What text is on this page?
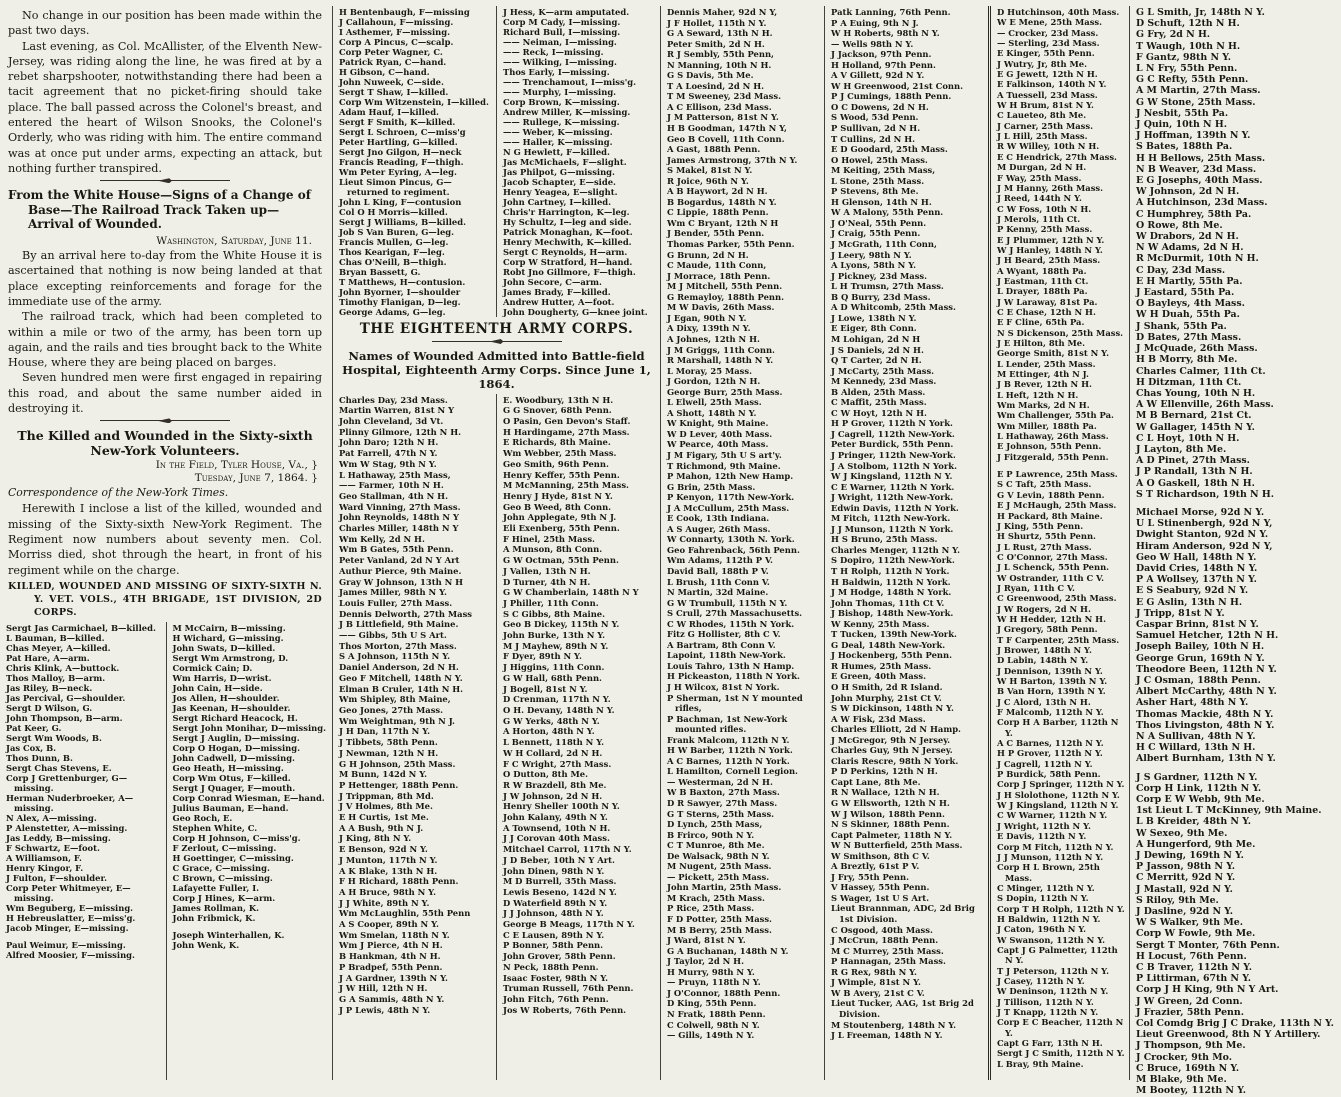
No change in our position has been made within the past two days.

Last evening, as Col. McAllister, of the Elventh New-Jersey, was riding along the line, he was fired at by a rebet sharpshooter, notwithstanding there had been a tacit agreement that no picket-firing should take place. The ball passed across the Colonel's breast, and entered the heart of Wilson Snooks, the Colonel's Orderly, who was riding with him. The entire command was at once put under arms, expecting an attack, but nothing further transpired.

From the White House—Signs of a Change of Base—The Railroad Track Taken up—Arrival of Wounded.
Washington, Saturday, June 11.

By an arrival here to-day from the White House it is ascertained that nothing is now being landed at that place excepting reinforcements and forage for the immediate use of the army.

The railroad track, which had been completed to within a mile or two of the army, has been torn up again, and the rails and ties brought back to the White House, where they are being placed on barges.

Seven hundred men were first engaged in repairing this road, and about the same number aided in destroying it.

The Killed and Wounded in the Sixty-sixth New-York Volunteers.
In the Field, Tyler House, Va., }
Tuesday, June 7, 1864. }
Correspondence of the New-York Times.

Herewith I inclose a list of the killed, wounded and missing of the Sixty-sixth New-York Regiment. The Regiment now numbers about seventy men. Col. Morriss died, shot through the heart, in front of his regiment while on the charge.

KILLED, WOUNDED AND MISSING OF SIXTY-SIXTH N. Y. VET. VOLS., 4TH BRIGADE, 1ST DIVISION, 2D CORPS.
Sergt Jas Carmichael, B—killed.
L Bauman, B—killed.
Chas Meyer, A—killed.
Pat Hare, A—arm.
Chris Klink, A—buttock.
Thos Malloy, B—arm.
Jas Riley, B—neck.
Jas Percival, G—shoulder.
Sergt D Wilson, G.
John Thompson, B—arm.
Pat Keer, G.
Sergt Wm Woods, B.
Jas Cox, B.
Thos Dunn, B.
Sergt Chas Stevens, E.
Corp J Grettenburger, G—missing.
Herman Nuderbroeker, A—missing.
N Alex, A—missing.
P Alenstetter, A—missing.
Jas Leddy, B—missing.
F Schwartz, E—foot.
A Williamson, F.
Henry Kingor, F.
J Fulton, F—shoulder.
Corp Peter Whitmeyer, E—missing.
Wm Beguberg, E—missing.
H Hebreuslatter, E—miss'g.
Jacob Minger, E—missing.
Paul Weimur, E—missing.
Alfred Moosier, F—missing.
M McCairn, B—missing.
H Wichard, G—missing.
John Swats, D—killed.
Sergt Wm Armstrong, D.
Cormick Cain; D.
Wm Harris, D—wrist.
John Cain, H—side.
Jos Allen, H—shoulder.
Jas Keenan, H—shoulder.
Sergt Richard Heacock, H.
Sergt John Monihar, D—missing.
Sergt J Auglin, D—missing.
Corp O Hogan, D—missing.
John Cadwell, D—missing.
Geo Heath, H—missing.
Corp Wm Otus, F—killed.
Sergt J Quager, F—mouth.
Corp Conrad Wiesman, E—hand.
Julius Bauman, E—hand.
Geo Roch, E.
Stephen White, C.
Corp H Johnson, C—miss'g.
F Zerlout, C—missing.
H Goettinger, C—missing.
C Grace, C—missing.
C Brown, C—missing.
Lafayette Fuller, I.
Corp J Hines, K—arm.
James Rollman, K.
John Fribmick, K.
Joseph Winterhallen, K.
John Wenk, K.
H Bentenbaugh, F—missing
J Callahoun, F—missing.
I Asthemer, F—missing.
Corp A Pincus, C—scalp.
Corp Peter Wagner, C.
Patrick Ryan, C—hand.
H Gibson, C—hand.
John Nuweek, C—side.
Sergt T Shaw, I—killed.
Corp Wm Witzenstein, I—killed.
Adam Hauf, I—killed.
Sergt F Smith, K—killed.
Sergt L Schroen, C—miss'g
Peter Hartling, G—killed.
Sergt Jno Gilgon, H—neck
Francis Reading, F—thigh.
Wm Peter Eyring, A—leg.
Lieut Simon Pincus, G—returned to regiment.
John L King, F—contusion
Col O H Morris—killed.
Sergt J Williams, B—killed.
Job S Van Buren, G—leg.
Francis Mullen, G—leg.
Thos Kearigan, F—leg.
Chas O'Neill, B—thigh.
Bryan Bassett, G.
T Matthews, H—contusion.
John Byorner, I—shoulder
Timothy Flanigan, D—leg.
George Adams, G—leg.
J Hess, K—arm amputated.
Corp M Cady, I—missing.
Richard Bull, I—missing.
—— Neiman, I—missing.
—— Reck, I—missing.
—— Wilking, I—missing.
Thos Early, I—missing.
—— Trenchamout, I—miss'g.
—— Murphy, I—missing.
Corp Brown, K—missing.
Andrew Miller, K—missing.
—— Rullege, K—missing.
—— Weber, K—missing.
—— Haller, K—missing.
N G Hewlett, F—killed.
Jas McMichaels, F—slight.
Jas Philpot, G—missing.
Jacob Schapter, E—side.
Henry Yeagea, E—slight.
John Cartney, I—killed.
Chris'r Harrington, K—leg.
Hy Schultz, I—leg and side.
Patrick Monaghan, K—foot.
Henry Mechwith, K—killed.
Sergt C Reynolds, H—arm.
Corp W Stratford, H—hand.
Robt Jno Gillmore, F—thigh.
John Secore, C—arm.
James Brady, F—killed.
Andrew Hutter, A—foot.
John Dougherty, G—knee joint.
THE EIGHTEENTH ARMY CORPS.
Names of Wounded Admitted into Battle-field Hospital, Eighteenth Army Corps. Since June 1, 1864.
Charles Day, 23d Mass.
Martin Warren, 81st N Y
John Cleveland, 3d Vt.
Plinny Gilmore, 12th N H.
John Daro; 12th N H.
Pat Farrell, 47th N Y.
Wm W Stag, 9th N Y.
L Hathaway, 25th Mass,
—— Farmer, 10th N H.
Geo Stallman, 4th N H.
Ward Vinning, 27th Mass.
John Reynolds, 148th N Y
Charles Miller, 148th N Y
Wm Kelly, 2d N H.
Wm B Gates, 55th Penn.
Peter Vanland, 2d N Y Art
Authur Pierce, 9th Maine.
Gray W Johnson, 13th N H
James Miller, 98th N Y.
Louis Fuller, 27th Mass.
Dennis Delworth, 27th Mass
J B Littlefield, 9th Maine.
—— Gibbs, 5th U S Art.
Thos Morton, 27th Mass.
S A Johnson, 115th N Y.
Daniel Anderson, 2d N H.
Geo F Mitchell, 148th N Y.
Elman B Cruler, 14th N H.
Wm Shipley, 8th Maine,
Geo Jones, 27th Mass.
Wm Weightman, 9th N J.
J H Dan, 117th N Y.
J Tibbets, 58th Penn.
J Newman, 12th N H.
G H Johnson, 25th Mass.
M Bunn, 142d N Y.
P Hettenger, 188th Penn.
J Trippman, 8th Md.
J V Holmes, 8th Me.
E H Curtis, 1st Me.
A A Bush, 9th N J.
J King, 8th N Y.
E Benson, 92d N Y.
J Munton, 117th N Y.
A K Blake, 13th N H.
F H Richard, 188th Penn.
A H Bruce, 98th N Y.
J J White, 89th N Y.
Wm McLaughlin, 55th Penn
A S Cooper, 89th N Y.
Wm Smelan, 118th N Y.
Wm J Pierce, 4th N H.
B Hankman, 4th N H.
P Bradpef, 55th Penn.
J A Gardner, 139th N Y.
J W Hill, 12th N H.
G A Sammis, 48th N Y.
J P Lewis, 48th N Y.
E. Woodbury, 13th N H.
G G Snover, 68th Penn.
O Pasin, Gen Devon's Staff.
H Hardingame, 27th Mass.
E Richards, 8th Maine.
Wm Webber, 25th Mass.
Geo Smith, 96th Penn.
Henry Keffer, 55th Penn.
M McManning, 25th Mass.
Henry J Hyde, 81st N Y.
Geo B Weed, 8th Conn.
John Applegate, 9th N J.
Eli Exenberg, 55th Penn.
F Hinel, 25th Mass.
A Munson, 8th Conn.
G W Octman, 55th Penn.
J Vallen, 13th N H.
D Turner, 4th N H.
G W Chamberlain, 148th N Y
J Philler, 11th Conn.
S C Gibbs, 8th Maine.
Geo B Dickey, 115th N Y.
John Burke, 13th N Y.
M J Mayhew, 89th N Y.
F Dyer, 89th N Y.
J Higgins, 11th Conn.
G W Hall, 68th Penn.
J Bogell, 81st N Y.
D Crenman, 117th N Y.
O H. Devany, 148th N Y.
G W Yerks, 48th N Y.
A Horton, 48th N Y.
L Bennett, 118th N Y.
W H Collard, 2d N H.
F C Wright, 27th Mass.
O Dutton, 8th Me.
R W Brazdell, 8th Me.
J W Johnson, 2d N H.
Henry Sheller 100th N Y.
John Kalany, 49th N Y.
A Townsend, 10th N H.
J J Corovan 40th Mass.
Mitchael Carrol, 117th N Y.
J D Beber, 10th N Y Art.
John Dinen, 98th N Y.
M D Burrell, 35th Mass.
Lewis Beseno, 142d N Y.
D Waterfield 89th N Y.
J J Johnson, 48th N Y.
George B Meags, 117th N Y.
C E Lausen, 89th N Y.
P Bonner, 58th Penn.
John Grover, 58th Penn.
N Peck, 188th Penn.
Isaac Foster, 98th N Y.
Truman Russell, 76th Penn.
John Fitch, 76th Penn.
Jos W Roberts, 76th Penn.
Dennis Maher, 92d N Y,
J F Hollet, 115th N Y.
G A Seward, 13th N H.
Peter Smith, 2d N H.
R J Sembly, 55th Penn,
N Manning, 10th N H.
G S Davis, 5th Me.
T A Loesind, 2d N H.
T M Sweeney, 23d Mass.
A C Ellison, 23d Mass.
J M Patterson, 81st N Y.
H B Goodman, 147th N Y,
Geo B Covell, 11th Conn.
A Gast, 188th Penn.
James Armstrong, 37th N Y.
S Makel, 81st N Y.
R Joice, 96th N Y.
A B Haywort, 2d N H.
B Bogardus, 148th N Y.
C Lippie, 188th Penn.
Wm C Bryant, 12th N H
J Bender, 55th Penn.
Thomas Parker, 55th Penn.
G Brunn, 2d N H.
C Maude, 11th Conn,
J Morrace, 18th Penn.
M J Mitchell, 55th Penn.
G Remayloy, 188th Penn.
M W Davis, 26th Mass.
J Egan, 90th N Y.
A Dixy, 139th N Y.
A Johnes, 12th N H.
J M Griggs, 11th Conn.
R Marshall, 148th N Y.
L Moray, 25 Mass.
J Gordon, 12th N H.
George Burr, 25th Mass.
L Elwell, 25th Mass.
A Shott, 148th N Y.
W Knight, 9th Maine.
W D Lever, 40th Mass.
W Pearce, 40th Mass.
J M Figary, 5th U S art'y.
T Richmond, 9th Maine.
P Mahon, 12th New Hamp.
G Brin, 25th Mass.
P Kenyon, 117th New-York.
J A McCullum, 25th Mass.
E Cook, 13th Indiana.
A S Auger, 26th Mass.
W Connarty, 130th N. York.
Geo Fahrenback, 56th Penn.
Wm Adams, 112th P V.
David Ball, 188th P V.
L Brush, 11th Conn V.
N Martin, 32d Maine.
G W Trumbull, 115th N Y.
S Crull, 27th Massachusetts.
C W Rhodes, 115th N York.
Fitz G Hollister, 8th C V.
A Bartram, 8th Conn V.
Lapoint, 118th New-York.
Louis Tahro, 13th N Hamp.
H Pickeaston, 118th N York.
J H Wilcox, 81st N York.
P Sherman, 1st N Y mounted rifles,
P Bachman, 1st New-York mounted rifles.
Frank Malcom, 112th N Y.
H W Barber, 112th N York.
A C Barnes, 112th N York.
L Hamilton, Cornell Legion.
— Westerman, 2d N H.
W B Baxton, 27th Mass.
D R Sawyer, 27th Mass.
G T Sterns, 25th Mass.
D Lynch, 25th Mass,
B Frirco, 90th N Y.
C T Munroe, 8th Me.
De Walsack, 98th N Y.
M Nugent, 25th Mass.
— Pickett, 25th Mass.
John Martin, 25th Mass.
M Krach, 25th Mass.
P Rice, 25th Mass.
F D Potter, 25th Mass.
M B Berry, 25th Mass.
J Ward, 81st N Y.
G A Buchanan, 148th N Y.
J Taylor, 2d N H.
H Murry, 98th N Y.
— Pruyn, 118th N Y.
J O'Connor, 188th Penn.
D King, 55th Penn.
N Fratk, 188th Penn.
C Colwell, 98th N Y.
— Gills, 149th N Y.
Patk Lanning, 76th Penn.
P A Euing, 9th N J.
W H Roberts, 98th N Y.
— Wells 98th N Y.
J Jackson, 97th Penn.
H Holland, 97th Penn.
A V Gillett, 92d N Y.
W H Greenwood, 21st Conn.
P J Cumings, 188th Penn.
O C Dowens, 2d N H.
S Wood, 53d Penn.
P Sullivan, 2d N H.
T Cullins, 2d N H.
E D Goodard, 25th Mass.
O Howel, 25th Mass.
M Keiting, 25th Mass,
L Stone, 25th Mass.
P Stevens, 8th Me.
H Glenson, 14th N H.
W A Malony, 55th Penn.
J O'Neal, 55th Penn.
J Craig, 55th Penn.
J McGrath, 11th Conn,
J Leery, 98th N Y.
A Lyons, 58th N Y.
J Pickney, 23d Mass.
L H Trumsn, 27th Mass.
B Q Burry, 23d Mass.
A D Whitcomb, 25th Mass.
J Lowe, 138th N Y.
E Eiger, 8th Conn.
M Lohigan, 2d N H
J S Daniels, 2d N H.
Q T Carter, 2d N H.
J McCarty, 25th Mass.
M Kennedy, 23d Mass.
B Alden, 25th Mass.
C Maffit, 25th Mass.
C W Hoyt, 12th N H.
H P Grover, 112th N York.
J Cagrell, 112th New-York.
Peter Burdick, 55th Penn.
J Pringer, 112th New-York.
J A Stolbom, 112th N York.
W J Kingsland, 112th N Y.
C E Warner, 112th N York.
J Wright, 112th New-York.
Edwin Davis, 112th N York.
M Fitch, 112th New-York.
J J Munson, 112th N York.
H S Bruno, 25th Mass.
Charles Menger, 112th N Y.
S Dopiro, 112th New-York.
T H Rolph, 112th N York.
H Baldwin, 112th N York.
J M Hodge, 148th N York.
John Thomas, 11th Ct V.
J Bishop, 148th New-York.
W Kenny, 25th Mass.
T Tucken, 139th New-York.
G Deal, 148th New-York.
J Hockenberg, 55th Penn.
R Humes, 25th Mass.
E Green, 40th Mass.
O H Smith, 2d R Island.
John Murphy, 21st Ct V.
S W Dickinson, 148th N Y.
A W Fisk, 23d Mass.
Charles Elliott, 2d N Hamp.
J McGregor, 9th N Jersey.
Charles Guy, 9th N Jersey.
Claris Rescre, 98th N York.
P D Perkins, 12th N H.
Capt Lane, 8th Me.
R N Wallace, 12th N H.
G W Ellsworth, 12th N H.
W J Wilson, 188th Penn.
N S Skinner, 188th Penn.
Capt Palmeter, 118th N Y.
W N Butterfield, 25th Mass.
W Smithson, 8th C V.
A Breztly, 61st P V.
J Fry, 55th Penn.
V Hassey, 55th Penn.
S Wager, 1st U S Art.
Lieut Brannman, ADC, 2d Brig 1st Division.
C Osgood, 40th Mass.
J McCrun, 188th Penn.
M C Murrey, 25th Mass.
P Hannagan, 25th Mass.
R G Rex, 98th N Y.
J Wimple, 81st N Y.
W B Avery, 21st C V.
Lieut Tucker, AAG, 1st Brig 2d Division.
M Stoutenberg, 148th N Y.
J L Freeman, 148th N Y.
D Hutchinson, 40th Mass.
W E Mene, 25th Mass.
— Crocker, 23d Mass.
— Sterling, 23d Mass.
E Kinger, 55th Penn.
J Wutry, Jr, 8th Me.
E G Jewett, 12th N H.
E Falkinson, 140th N Y.
A Tuessell, 23d Mass.
W H Brum, 81st N Y.
C Laueteo, 8th Me.
J Carner, 25th Mass.
J L Hill, 25th Mass.
R W Willey, 10th N H.
E C Hendrick, 27th Mass.
M Durgan, 2d N H.
F Way, 25th Mass.
J M Hanny, 26th Mass.
J Reed, 144th N Y.
C W Foss, 10th N H.
J Merols, 11th Ct.
P Kenny, 25th Mass.
E J Plummer, 12th N Y.
W J Hanley, 148th N Y.
J H Beard, 25th Mass.
A Wyant, 188th Pa.
J Eastman, 11th Ct.
L Drayer, 188th Pa.
J W Laraway, 81st Pa.
C E Chase, 12th N H.
E F Cline, 65th Pa.
N S Dickenson, 25th Mass.
J E Hilton, 8th Me.
George Smith, 81st N Y.
L Lender, 25th Mass.
M Ettinger, 4th N J.
J B Rever, 12th N H.
L Heft, 12th N H.
Wm Marks, 2d N H.
Wm Challenger, 55th Pa.
Wm Miller, 188th Pa.
L Hathaway, 26th Mass.
E Johnson, 55th Penn.
J Fitzgerald, 55th Penn.
E P Lawrence, 25th Mass.
S C Taft, 25th Mass.
G V Levin, 188th Penn.
E J McHaugh, 25th Mass.
H Packard, 8th Maine.
J King, 55th Penn.
H Shurtz, 55th Penn.
J L Rust, 27th Mass.
C O'Connor, 27th Mass.
J L Schenck, 55th Penn.
W Ostrander, 11th C V.
J Ryan, 11th C V.
C Greenwood, 25th Mass.
J W Rogers, 2d N H.
W H Hedder, 12th N H.
J Gregory, 58th Penn.
T F Carpenter, 25th Mass.
J Brower, 148th N Y.
D Labin, 148th N Y.
J Dennison, 139th N Y.
W H Barton, 139th N Y.
B Van Horn, 139th N Y.
J C Alord, 13th N H.
F Malcomb, 112th N Y.
Corp H A Barber, 112th N Y.
A C Barnes, 112th N Y.
H P Grover, 112th N Y.
J Cagrell, 112th N Y.
P Burdick, 58th Penn.
Corp J Springer, 112th N Y.
J H Slolothone, 112th N Y.
W J Kingsland, 112th N Y.
C W Warner, 112th N Y.
J Wright, 112th N Y.
E Davis, 112th N Y.
Corp M Fitch, 112th N Y.
J J Munson, 112th N Y.
Corp H L Brown, 25th Mass.
C Minger, 112th N Y.
S Dopin, 112th N Y.
Corp T H Rolph, 112th N Y.
H Baldwin, 112th N Y.
J Caton, 196th N Y.
W Swanson, 112th N Y.
Capt J G Palmetter, 112th N Y.
T J Peterson, 112th N Y.
J Casey, 112th N Y.
W Deninson, 112th N Y.
J Tillison, 112th N Y.
J T Knapp, 112th N Y.
Corp E C Beacher, 112th N Y.
Capt G Farr, 13th N H.
Sergt J C Smith, 112th N Y.
L Bray, 9th Maine.
G L Smith, Jr, 148th N Y.
D Schuft, 12th N H.
G Fry, 2d N H.
T Waugh, 10th N H.
F Gantz, 98th N Y.
L N Fry, 55th Penn.
G C Refty, 55th Penn.
A M Martin, 27th Mass.
G W Stone, 25th Mass.
J Nesbit, 55th Pa.
J Quin, 10th N H.
J Hoffman, 139th N Y.
S Bates, 188th Pa.
H H Bellows, 25th Mass.
N B Weaver, 23d Mass.
E G Josephs, 40th Mass.
W Johnson, 2d N H.
A Hutchinson, 23d Mass.
C Humphrey, 58th Pa.
O Rowe, 8th Me.
W Drabors, 2d N H.
N W Adams, 2d N H.
R McDurmit, 10th N H.
C Day, 23d Mass.
E H Martly, 55th Pa.
J Eastard, 55th Pa.
O Bayleys, 4th Mass.
W H Duah, 55th Pa.
J Shank, 55th Pa.
D Bates, 27th Mass.
J McQuade, 26th Mass.
H B Morry, 8th Me.
Charles Calmer, 11th Ct.
H Ditzman, 11th Ct.
Chas Young, 10th N H.
A W Ellenville, 26th Mass.
M B Bernard, 21st Ct.
W Gallager, 145th N Y.
C L Hoyt, 10th N H.
J Layton, 8th Me.
A D Pinet, 27th Mass.
J P Randall, 13th N H.
A O Gaskell, 18th N H.
S T Richardson, 19th N H.
Michael Morse, 92d N Y.
U L Stinenbergh, 92d N Y,
Dwight Stanton, 92d N Y.
Hiram Anderson, 92d N Y,
Geo W Hall, 148th N Y.
David Cries, 148th N Y.
P A Wollsey, 137th N Y.
E S Seabury, 92d N Y.
E G Aslin, 13th N H.
J Tripp, 81st N Y.
Caspar Brinn, 81st N Y.
Samuel Hetcher, 12th N H.
Joseph Bailey, 10th N H.
George Grun, 169th N Y.
Theodore Been, 112th N Y.
J C Osman, 188th Penn.
Albert McCarthy, 48th N Y.
Asher Hart, 48th N Y.
Thomas Mackie, 48th N Y.
Thos Livingston, 48th N Y.
N A Sullivan, 48th N Y.
H C Willard, 13th N H.
Albert Burnham, 13th N Y.
J S Gardner, 112th N Y.
Corp H Link, 112th N Y.
Corp E W Webb, 9th Me.
1st Lieut L T McKinney, 9th Maine.
L B Kreider, 48th N Y.
W Sexeo, 9th Me.
A Hungerford, 9th Me.
J Dewing, 169th N Y.
P Jasson, 98th N Y.
C Merritt, 92d N Y.
J Mastall, 92d N Y.
S Riloy, 9th Me.
J Dasline, 92d N Y.
W S Walker, 9th Me.
Corp W Fowle, 9th Me.
Sergt T Monter, 76th Penn.
H Locust, 76th Penn.
C B Traver, 112th N Y.
P Littirman, 67th N Y.
Corp J H King, 9th N Y Art.
J W Green, 2d Conn.
J Frazier, 58th Penn.
Col Comdg Brig J C Drake, 113th N Y.
Lieut Greenwood, 8th N Y Artillery.
J Thompson, 9th Me.
J Crocker, 9th Mo.
C Bruce, 169th N Y.
M Blake, 9th Me.
M Bootey, 112th N Y.
